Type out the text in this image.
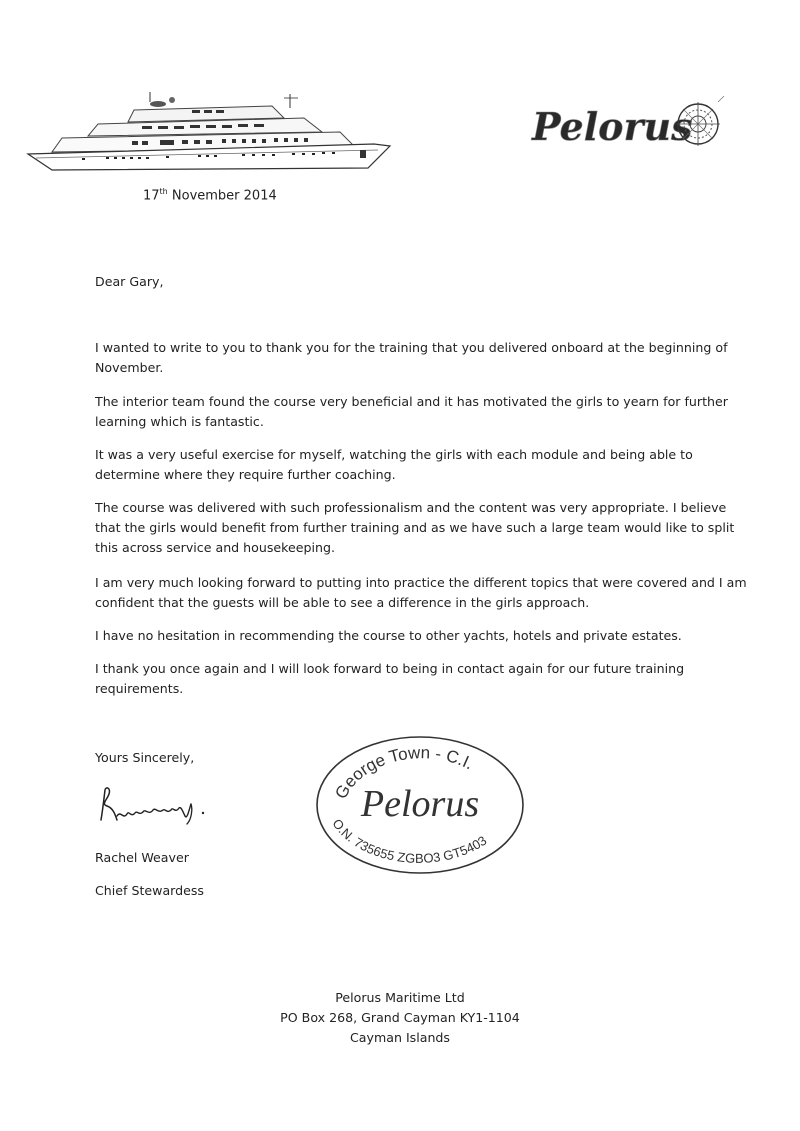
Pelorus
17th November 2014
Dear Gary,
I wanted to write to you to thank you for the training that you delivered onboard at the beginning of
November.
The interior team found the course very beneficial and it has motivated the girls to yearn for further
learning which is fantastic.
It was a very useful exercise for myself, watching the girls with each module and being able to
determine where they require further coaching.
The course was delivered with such professionalism and the content was very appropriate. I believe
that the girls would benefit from further training and as we have such a large team would like to split
this across service and housekeeping.
I am very much looking forward to putting into practice the different topics that were covered and I am
confident that the guests will be able to see a difference in the girls approach.
I have no hesitation in recommending the course to other yachts, hotels and private estates.
I thank you once again and I will look forward to being in contact again for our future training
requirements.
Yours Sincerely,
Rachel Weaver
Chief Stewardess
George Town - C.I.
Pelorus
O.N. 735655 ZGBO3 GT5403
Pelorus Maritime Ltd
PO Box 268, Grand Cayman KY1-1104
Cayman Islands
